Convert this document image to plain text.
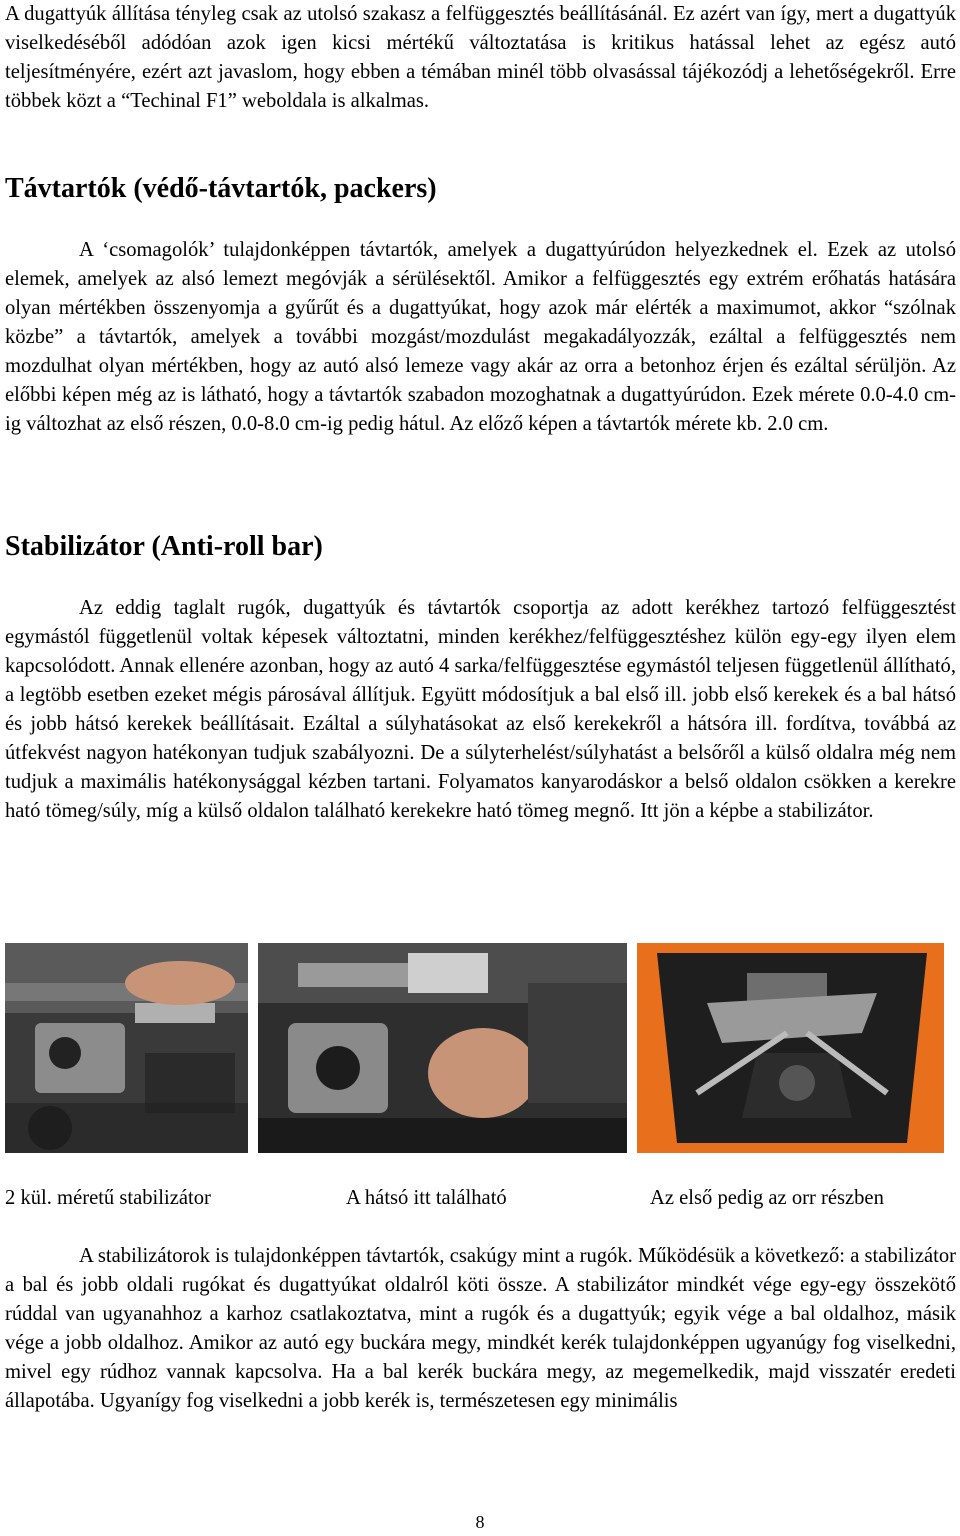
A dugattyúk állítása tényleg csak az utolsó szakasz a felfüggesztés beállításánál. Ez azért van így, mert a dugattyúk viselkedéséből adódóan azok igen kicsi mértékű változtatása is kritikus hatással lehet az egész autó teljesítményére, ezért azt javaslom, hogy ebben a témában minél több olvasással tájékozódj a lehetőségekről. Erre többek közt a “Techinal F1” weboldala is alkalmas.

Távtartók (védő-távtartók, packers)

A ‘csomagolók’ tulajdonképpen távtartók, amelyek a dugattyúrúdon helyezkednek el. Ezek az utolsó elemek, amelyek az alsó lemezt megóvják a sérülésektől. Amikor a felfüggesztés egy extrém erőhatás hatására olyan mértékben összenyomja a gyűrűt és a dugattyúkat, hogy azok már elérték a maximumot, akkor “szólnak közbe” a távtartók, amelyek a további mozgást/mozdulást megakadályozzák, ezáltal a felfüggesztés nem mozdulhat olyan mértékben, hogy az autó alsó lemeze vagy akár az orra a betonhoz érjen és ezáltal sérüljön. Az előbbi képen még az is látható, hogy a távtartók szabadon mozoghatnak a dugattyúrúdon. Ezek mérete 0.0-4.0 cm-ig változhat az első részen, 0.0-8.0 cm-ig pedig hátul. Az előző képen a távtartók mérete kb. 2.0 cm.

Stabilizátor (Anti-roll bar)

Az eddig taglalt rugók, dugattyúk és távtartók csoportja az adott kerékhez tartozó felfüggesztést egymástól függetlenül voltak képesek változtatni, minden kerékhez/felfüggesztéshez külön egy-egy ilyen elem kapcsolódott. Annak ellenére azonban, hogy az autó 4 sarka/felfüggesztése egymástól teljesen függetlenül állítható, a legtöbb esetben ezeket mégis párosával állítjuk. Együtt módosítjuk a bal első ill. jobb első kerekek és a bal hátsó és jobb hátsó kerekek beállításait. Ezáltal a súlyhatásokat az első kerekekről a hátsóra ill. fordítva, továbbá az útfekvést nagyon hatékonyan tudjuk szabályozni. De a súlyterhelést/súlyhatást a belsőről a külső oldalra még nem tudjuk a maximális hatékonysággal kézben tartani. Folyamatos kanyarodáskor a belső oldalon csökken a kerekre ható tömeg/súly, míg a külső oldalon található kerekekre ható tömeg megnő. Itt jön a képbe a stabilizátor.

2 kül. méretű stabilizátor	A hátsó itt található	Az első pedig az orr részben

A stabilizátorok is tulajdonképpen távtartók, csakúgy mint a rugók. Működésük a következő: a stabilizátor a bal és jobb oldali rugókat és dugattyúkat oldalról köti össze. A stabilizátor mindkét vége egy-egy összekötő rúddal van ugyanahhoz a karhoz csatlakoztatva, mint a rugók és a dugattyúk; egyik vége a bal oldalhoz, másik vége a jobb oldalhoz. Amikor az autó egy buckára megy, mindkét kerék tulajdonképpen ugyanúgy fog viselkedni, mivel egy rúdhoz vannak kapcsolva. Ha a bal kerék buckára megy, az megemelkedik, majd visszatér eredeti állapotába. Ugyanígy fog viselkedni a jobb kerék is, természetesen egy minimális

8
